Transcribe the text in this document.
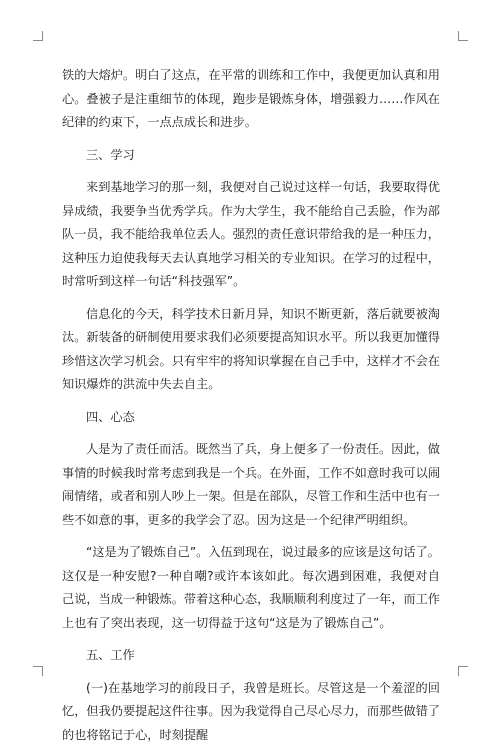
铁的大熔炉。明白了这点，在平常的训练和工作中，我便更加认真和用心。叠被子是注重细节的体现，跑步是锻炼身体，增强毅力……作风在纪律的约束下，一点点成长和进步。

三、学习

来到基地学习的那一刻，我便对自己说过这样一句话，我要取得优异成绩，我要争当优秀学兵。作为大学生，我不能给自己丢脸，作为部队一员，我不能给我单位丢人。强烈的责任意识带给我的是一种压力，这种压力迫使我每天去认真地学习相关的专业知识。在学习的过程中，时常听到这样一句话“科技强军”。

信息化的今天，科学技术日新月异，知识不断更新，落后就要被淘汰。新装备的研制使用要求我们必须要提高知识水平。所以我更加懂得珍惜这次学习机会。只有牢牢的将知识掌握在自己手中，这样才不会在知识爆炸的洪流中失去自主。

四、心态

人是为了责任而活。既然当了兵，身上便多了一份责任。因此，做事情的时候我时常考虑到我是一个兵。在外面，工作不如意时我可以闹闹情绪，或者和别人吵上一架。但是在部队，尽管工作和生活中也有一些不如意的事，更多的我学会了忍。因为这是一个纪律严明组织。

“这是为了锻炼自己”。入伍到现在，说过最多的应该是这句话了。这仅是一种安慰?一种自嘲?或许本该如此。每次遇到困难，我便对自己说，当成一种锻炼。带着这种心态，我顺顺利利度过了一年，而工作上也有了突出表现，这一切得益于这句“这是为了锻炼自己”。

五、工作

(一)在基地学习的前段日子，我曾是班长。尽管这是一个羞涩的回忆，但我仍要提起这件往事。因为我觉得自己尽心尽力，而那些做错了的也将铭记于心，时刻提醒
